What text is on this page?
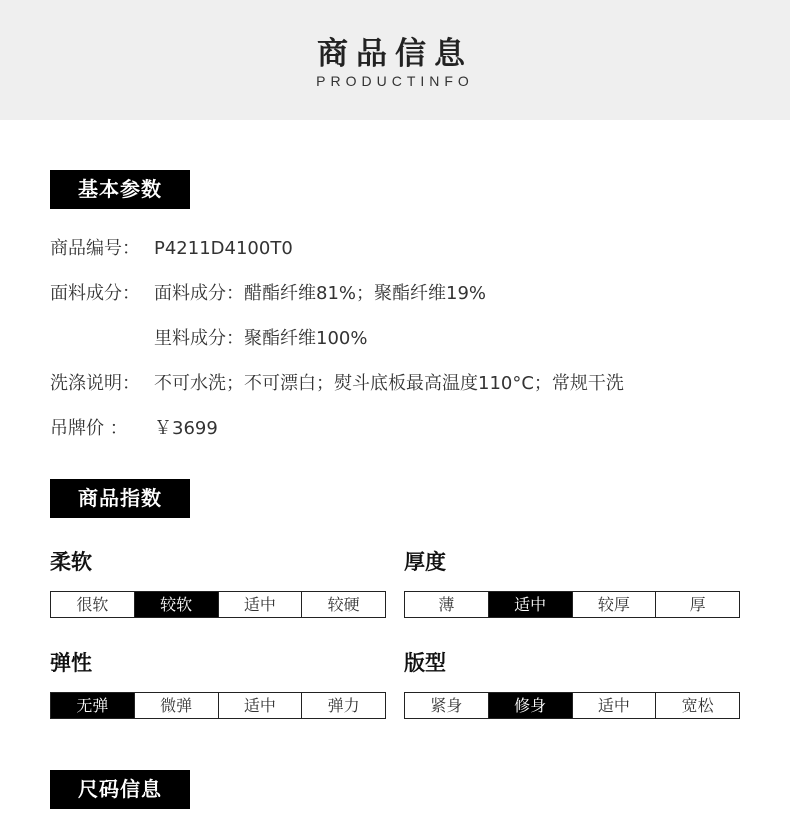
商品信息
PRODUCTINFO
基本参数
商品编号： P4211D4100T0
面料成分： 面料成分：醋酯纤维81%；聚酯纤维19%
里料成分：聚酯纤维100%
洗涤说明： 不可水洗；不可漂白；熨斗底板最高温度110°C；常规干洗
吊牌价 ： ￥3699
商品指数
柔软
很软	较软	适中	较硬
厚度
薄	适中	较厚	厚
弹性
无弹	微弹	适中	弹力
版型
紧身	修身	适中	宽松
尺码信息
